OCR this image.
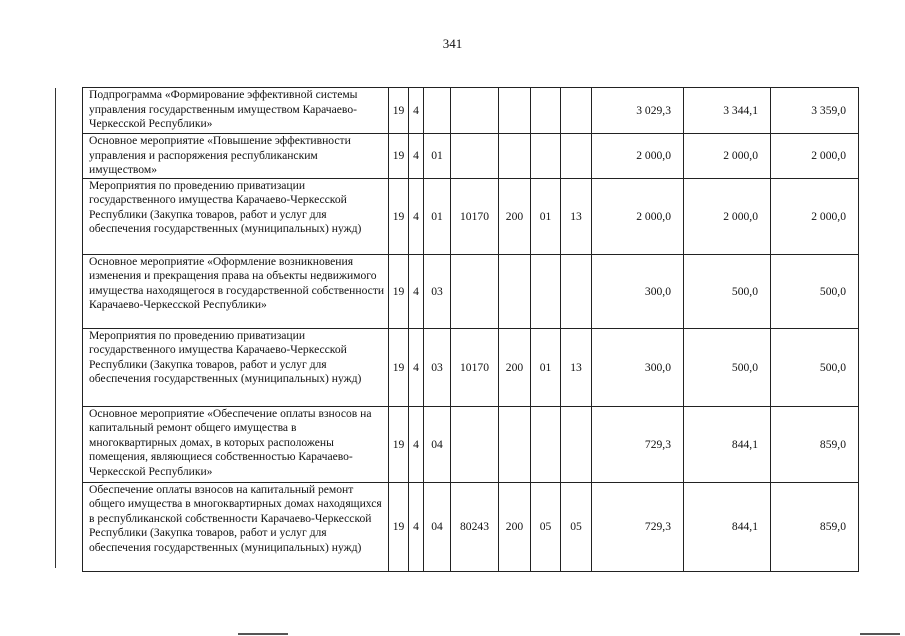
341
Подпрограмма «Формирование эффективной системы управления государственным имуществом Карачаево-Черкесской Республики»	19	4						3 029,3	3 344,1	3 359,0
Основное мероприятие «Повышение эффективности управления и распоряжения республиканским имуществом»	19	4	01					2 000,0	2 000,0	2 000,0
Мероприятия по проведению приватизации государственного имущества Карачаево-Черкесской Республики (Закупка товаров, работ и услуг для обеспечения государственных (муниципальных) нужд)	19	4	01	10170	200	01	13	2 000,0	2 000,0	2 000,0
Основное мероприятие «Оформление возникновения изменения и прекращения права на объекты недвижимого имущества находящегося в государственной собственности Карачаево-Черкесской Республики»	19	4	03					300,0	500,0	500,0
Мероприятия по проведению приватизации государственного имущества Карачаево-Черкесской Республики (Закупка товаров, работ и услуг для обеспечения государственных (муниципальных) нужд)	19	4	03	10170	200	01	13	300,0	500,0	500,0
Основное мероприятие «Обеспечение оплаты взносов на капитальный ремонт общего имущества в многоквартирных домах, в которых расположены помещения, являющиеся собственностью Карачаево-Черкесской Республики»	19	4	04					729,3	844,1	859,0
Обеспечение оплаты взносов на капитальный ремонт общего имущества в многоквартирных домах находящихся в республиканской собственности Карачаево-Черкесской Республики (Закупка товаров, работ и услуг для обеспечения государственных (муниципальных) нужд)	19	4	04	80243	200	05	05	729,3	844,1	859,0
